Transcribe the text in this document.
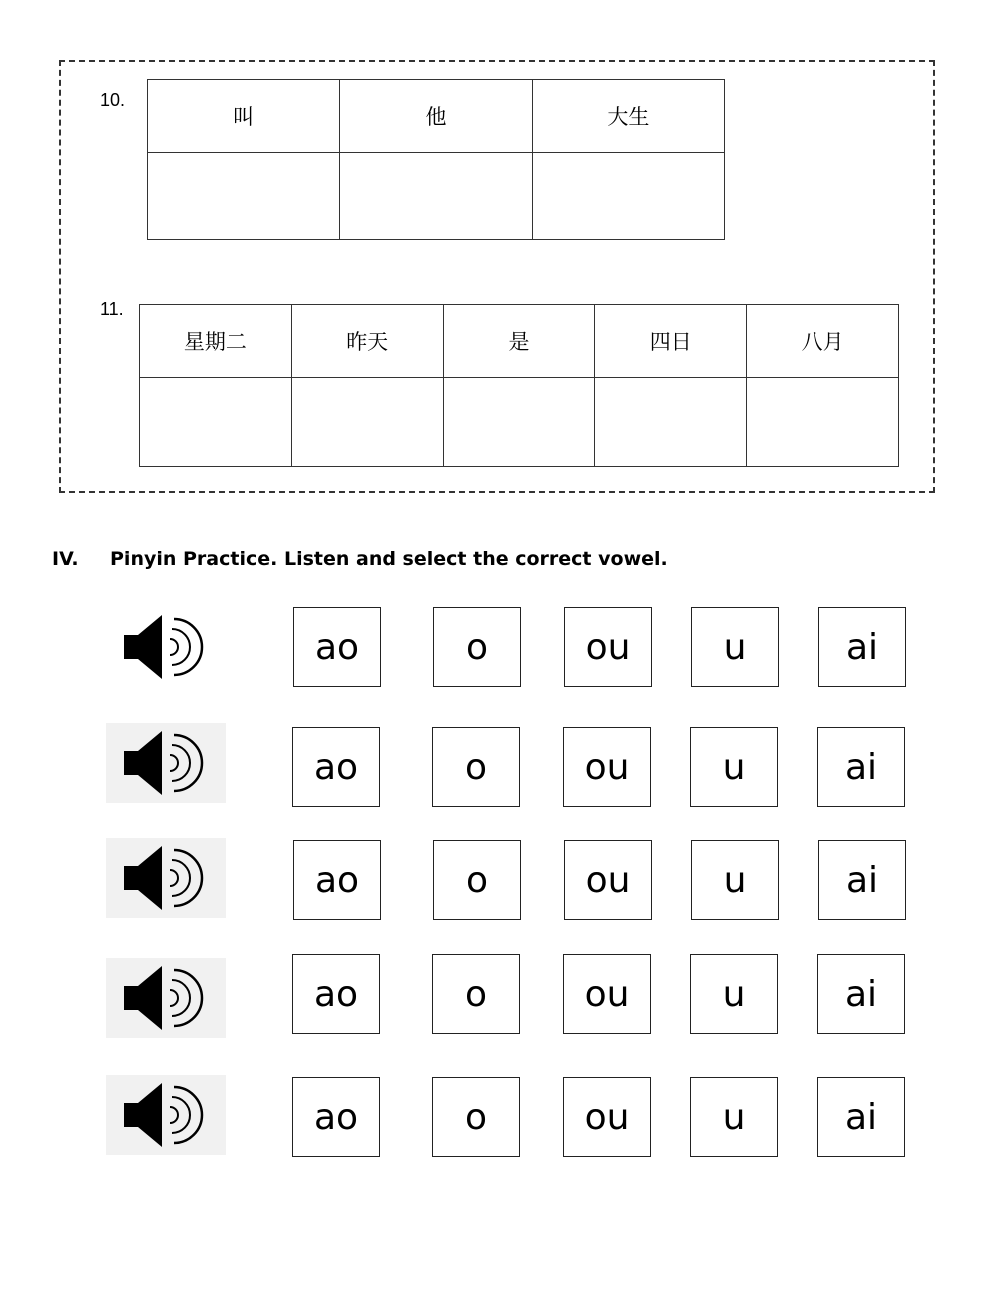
10.
叫	他	大生

11.
星期二	昨天	是	四日	八月

IV. Pinyin Practice. Listen and select the correct vowel.
ao	o	ou	u	ai
ao	o	ou	u	ai
ao	o	ou	u	ai
ao	o	ou	u	ai
ao	o	ou	u	ai
